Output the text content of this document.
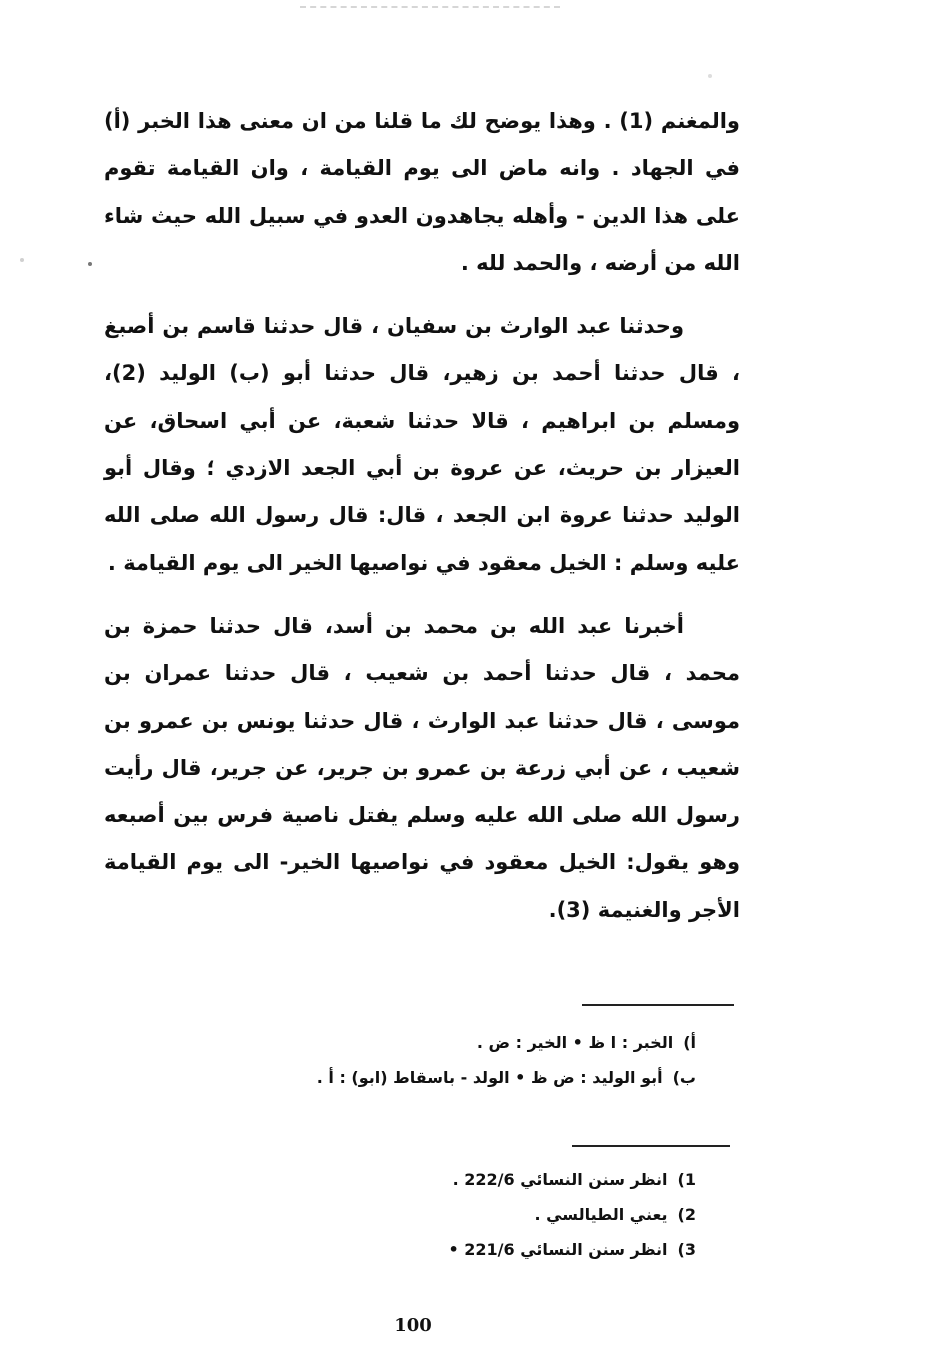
والمغنم (1) . وهذا يوضح لك ما قلنا من ان معنى هذا الخبر (أ) في الجهاد . وانه ماض الى يوم القيامة ، وان القيامة تقوم على هذا الدين - وأهله يجاهدون العدو في سبيل الله حيث شاء الله من أرضه ، والحمد لله .

وحدثنا عبد الوارث بن سفيان ، قال حدثنا قاسم بن أصبغ ، قال حدثنا أحمد بن زهير، قال حدثنا أبو (ب) الوليد (2)، ومسلم بن ابراهيم ، قالا حدثنا شعبة، عن أبي اسحاق، عن العيزار بن حريث، عن عروة بن أبي الجعد الازدي ؛ وقال أبو الوليد حدثنا عروة ابن الجعد ، قال: قال رسول الله صلى الله عليه وسلم : الخيل معقود في نواصيها الخير الى يوم القيامة .

أخبرنا عبد الله بن محمد بن أسد، قال حدثنا حمزة بن محمد ، قال حدثنا أحمد بن شعيب ، قال حدثنا عمران بن موسى ، قال حدثنا عبد الوارث ، قال حدثنا يونس بن عمرو بن شعيب ، عن أبي زرعة بن عمرو بن جرير، عن جرير، قال رأيت رسول الله صلى الله عليه وسلم يفتل ناصية فرس بين أصبعه وهو يقول: الخيل معقود في نواصيها الخير- الى يوم القيامة الأجر والغنيمة (3).

أ)
الخبر : ا ظ • الخير : ض .
ب)
أبو الوليد : ض ظ • الولد - باسقاط (ابو) : أ .
1)
انظر سنن النسائي 222/6 .
2)
يعني الطيالسي .
3)
انظر سنن النسائي 221/6 •
100
